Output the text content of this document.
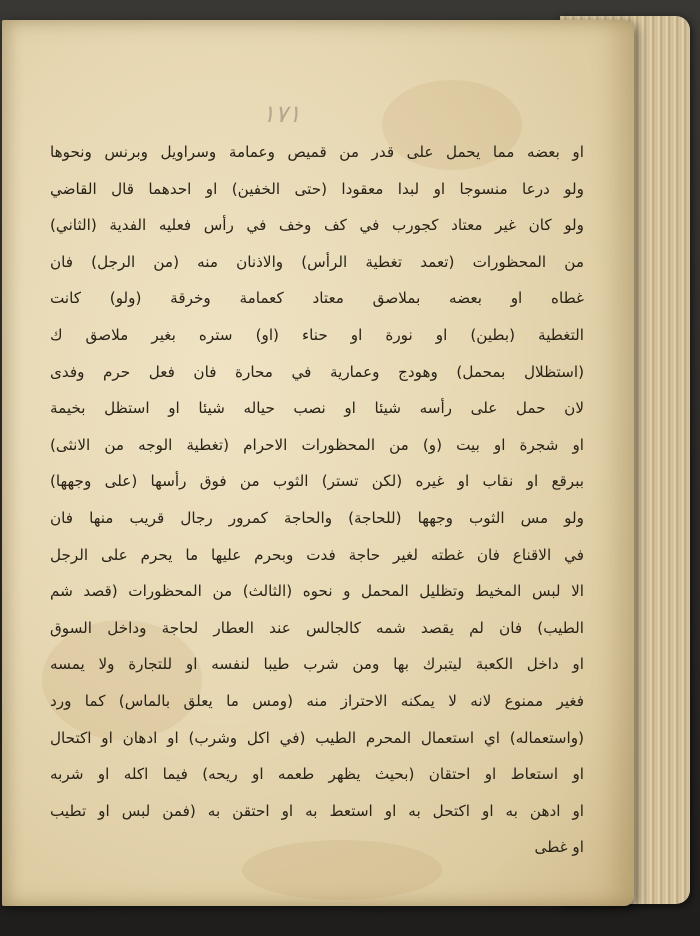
١٧١
او بعضه مما يحمل على قدر من قميص وعمامة وسراويل وبرنس ونحوها
ولو درعا منسوجا او لبدا معقودا (حتى الخفين) او احدهما قال القاضي
ولو كان غير معتاد كجورب في كف وخف في رأس فعليه الفدية (الثاني)
من المحظورات (تعمد تغطية الرأس) والاذنان منه (من الرجل) فان
غطاه او بعضه بملاصق معتاد كعمامة وخرقة (ولو) كانت
التغطية (بطين) او نورة او حناء (او) ستره بغير ملاصق ك
(استظلال بمحمل) وهودج وعمارية في محارة فان فعل حرم وفدى
لان حمل على رأسه شيئا او نصب حياله شيئا او استظل بخيمة
او شجرة او بيت (و) من المحظورات الاحرام (تغطية الوجه من الانثى)
ببرقع او نقاب او غيره (لكن تستر) الثوب من فوق رأسها (على وجهها)
ولو مس الثوب وجهها (للحاجة) والحاجة كمرور رجال قريب منها فان
في الاقناع فان غطته لغير حاجة فدت وبحرم عليها ما يحرم على الرجل
الا لبس المخيط وتظليل المحمل و نحوه (الثالث) من المحظورات (قصد شم
الطيب) فان لم يقصد شمه كالجالس عند العطار لحاجة وداخل السوق
او داخل الكعبة ليتبرك بها ومن شرب طيبا لنفسه او للتجارة ولا يمسه
فغير ممنوع لانه لا يمكنه الاحتراز منه (ومس ما يعلق بالماس) كما ورد
(واستعماله) اي استعمال المحرم الطيب (في اكل وشرب) او ادهان او اكتحال
او استعاط او احتقان (بحيث يظهر طعمه او ريحه) فيما اكله او شربه
او ادهن به او اكتحل به او استعط به او احتقن به (فمن لبس او تطيب
او غطى
